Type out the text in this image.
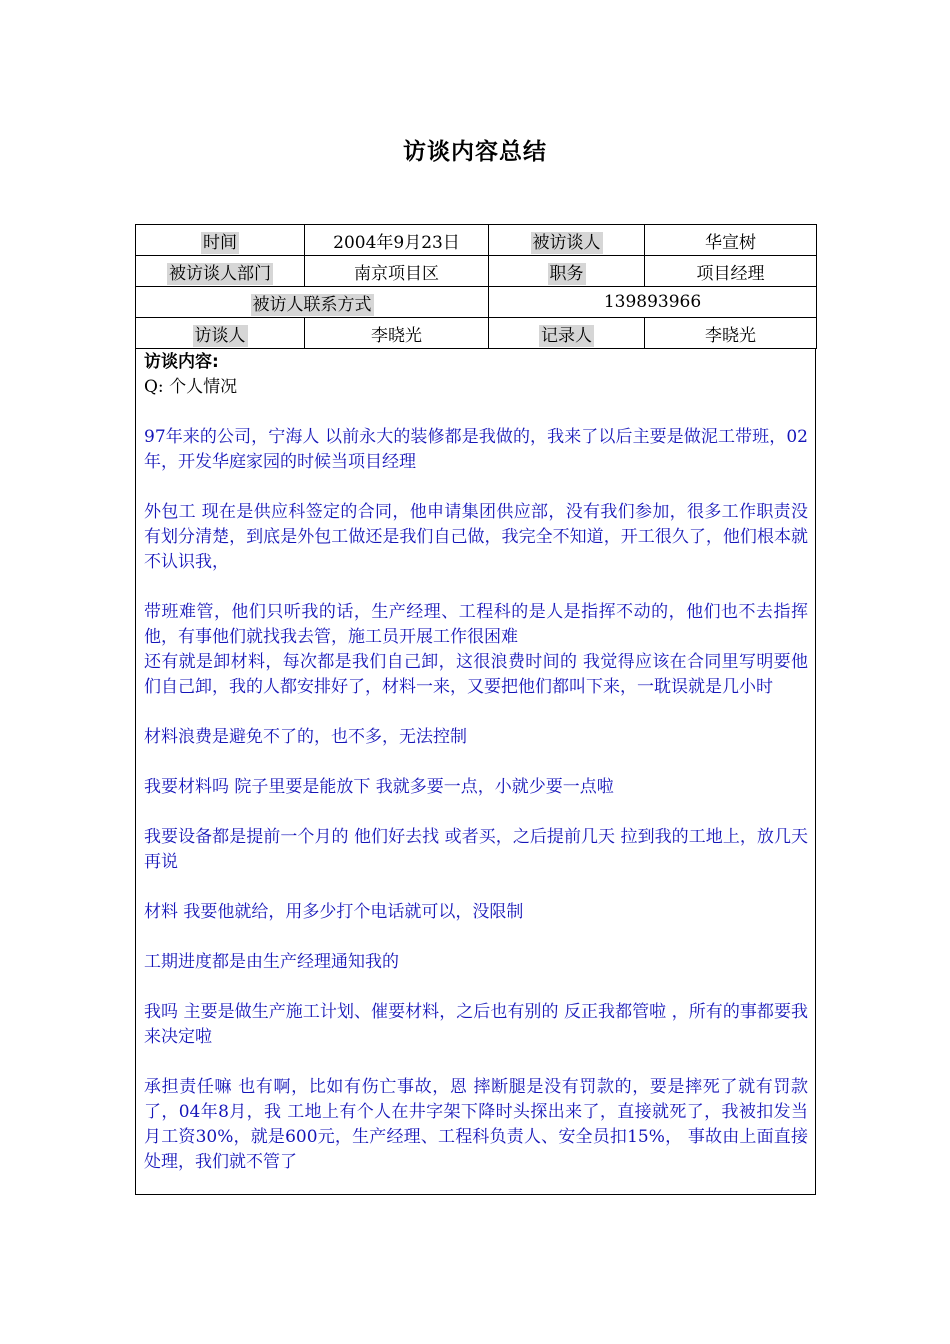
访谈内容总结
时间	2004年9月23日	被访谈人	华宣树
被访谈人部门	南京项目区	职务	项目经理
被访人联系方式		139893966	
访谈人	李晓光	记录人	李晓光
访谈内容:
Q: 个人情况

97年来的公司，宁海人 以前永大的装修都是我做的，我来了以后主要是做泥工带班，02年，开发华庭家园的时候当项目经理

外包工 现在是供应科签定的合同，他申请集团供应部，没有我们参加，很多工作职责没有划分清楚，到底是外包工做还是我们自己做，我完全不知道，开工很久了，他们根本就不认识我，

带班难管，他们只听我的话，生产经理、工程科的是人是指挥不动的，他们也不去指挥他，有事他们就找我去管，施工员开展工作很困难

还有就是卸材料，每次都是我们自己卸，这很浪费时间的 我觉得应该在合同里写明要他们自己卸，我的人都安排好了，材料一来，又要把他们都叫下来，一耽误就是几小时

材料浪费是避免不了的，也不多，无法控制

我要材料吗 院子里要是能放下 我就多要一点，小就少要一点啦

我要设备都是提前一个月的 他们好去找 或者买，之后提前几天 拉到我的工地上，放几天再说

材料 我要他就给，用多少打个电话就可以，没限制

工期进度都是由生产经理通知我的

我吗 主要是做生产施工计划、催要材料，之后也有别的 反正我都管啦 ，所有的事都要我来决定啦

承担责任嘛 也有啊，比如有伤亡事故，恩 摔断腿是没有罚款的，要是摔死了就有罚款了，04年8月，我 工地上有个人在井字架下降时头探出来了，直接就死了，我被扣发当月工资30%，就是600元，生产经理、工程科负责人、安全员扣15%， 事故由上面直接处理，我们就不管了
